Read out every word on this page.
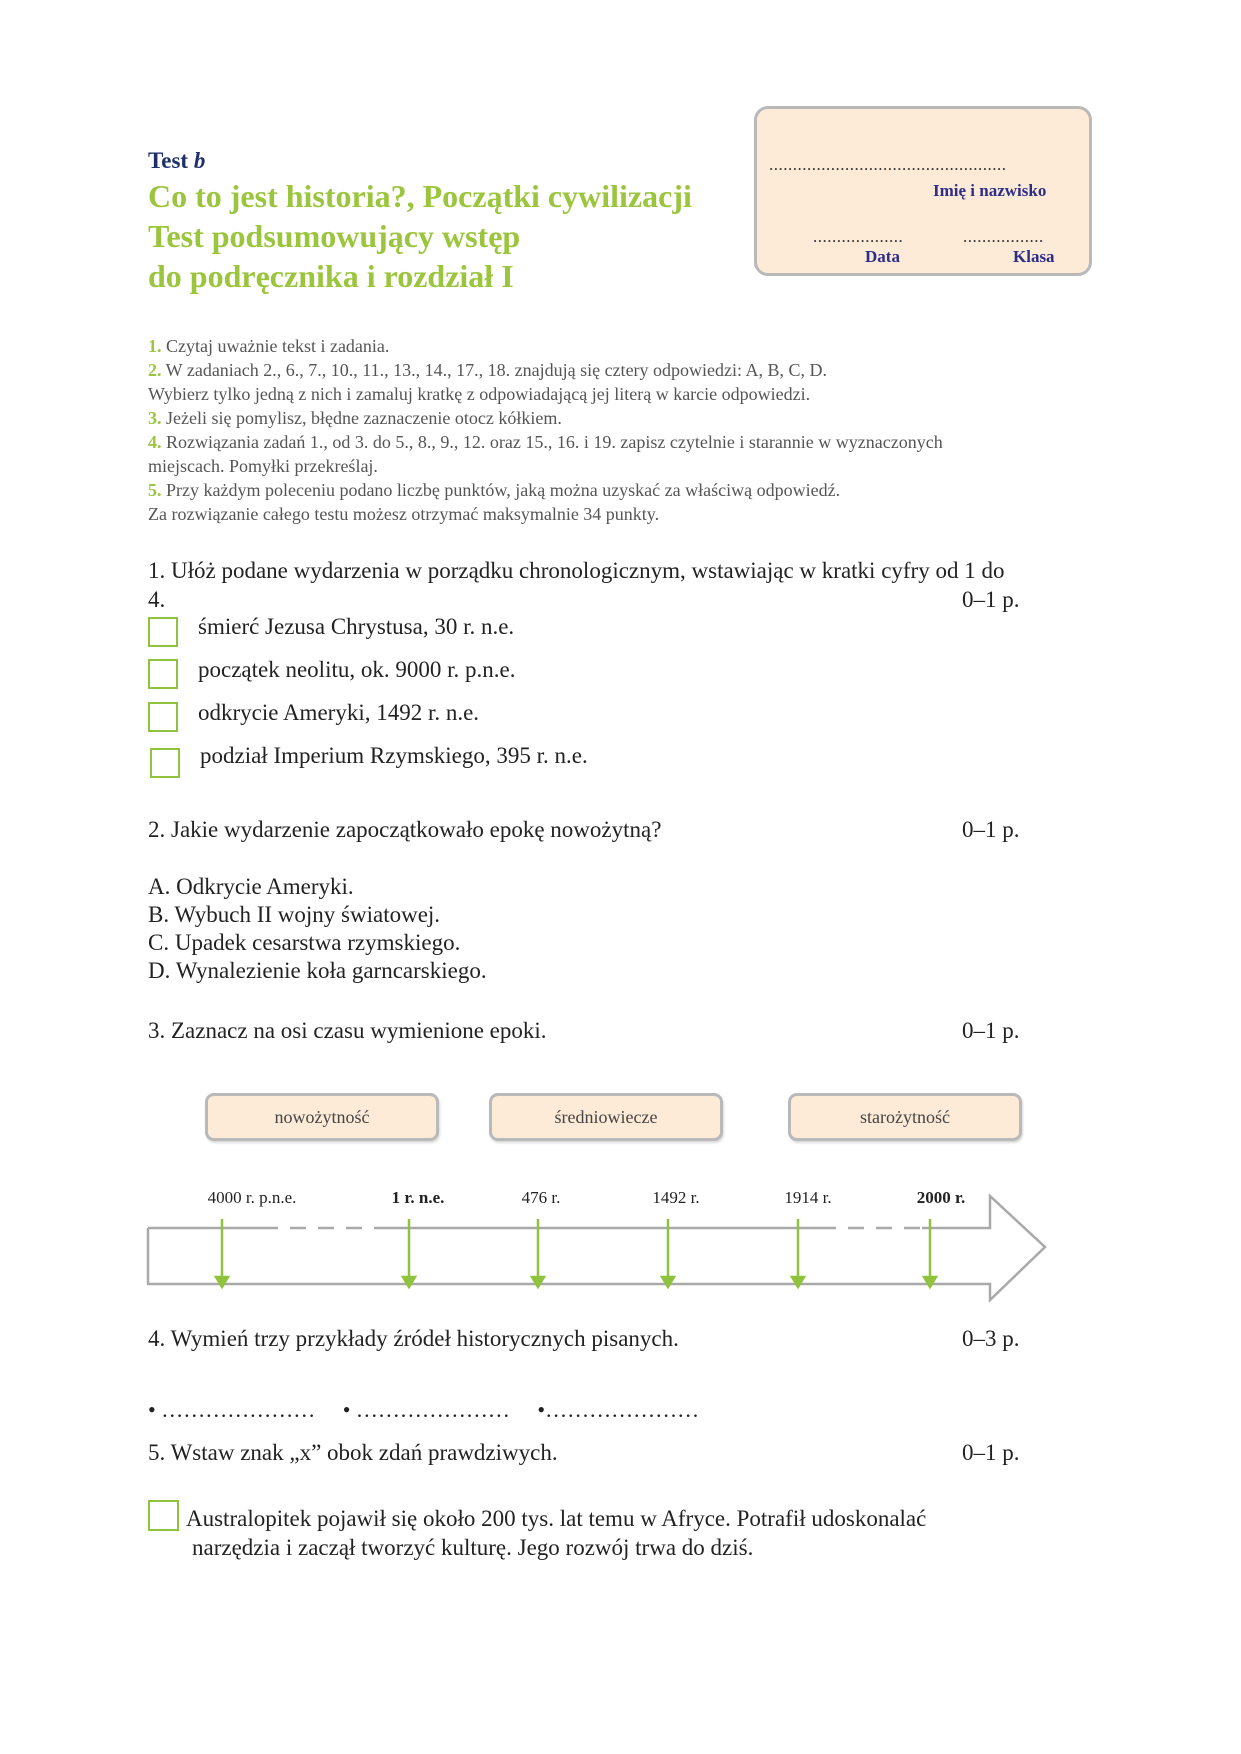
Test b
Co to jest historia?, Początki cywilizacji
Test podsumowujący wstęp
do podręcznika i rozdział I
..................................................
Imię i nazwisko
...................	.................
Data	Klasa
1. Czytaj uważnie tekst i zadania.
2. W zadaniach 2., 6., 7., 10., 11., 13., 14., 17., 18. znajdują się cztery odpowiedzi: A, B, C, D.
Wybierz tylko jedną z nich i zamaluj kratkę z odpowiadającą jej literą w karcie odpowiedzi.
3. Jeżeli się pomylisz, błędne zaznaczenie otocz kółkiem.
4. Rozwiązania zadań 1., od 3. do 5., 8., 9., 12. oraz 15., 16. i 19. zapisz czytelnie i starannie w wyznaczonych
miejscach. Pomyłki przekreślaj.
5. Przy każdym poleceniu podano liczbę punktów, jaką można uzyskać za właściwą odpowiedź.
Za rozwiązanie całego testu możesz otrzymać maksymalnie 34 punkty.
1. Ułóż podane wydarzenia w porządku chronologicznym, wstawiając w kratki cyfry od 1 do
4.	0–1 p.
śmierć Jezusa Chrystusa, 30 r. n.e.
początek neolitu, ok. 9000 r. p.n.e.
odkrycie Ameryki, 1492 r. n.e.
podział Imperium Rzymskiego, 395 r. n.e.
2. Jakie wydarzenie zapoczątkowało epokę nowożytną?	0–1 p.
A. Odkrycie Ameryki.
B. Wybuch II wojny światowej.
C. Upadek cesarstwa rzymskiego.
D. Wynalezienie koła garncarskiego.
3. Zaznacz na osi czasu wymienione epoki.	0–1 p.
nowożytność	średniowiecze	starożytność
4000 r. p.n.e.	1 r. n.e.	476 r.	1492 r.	1914 r.	2000 r.
4. Wymień trzy przykłady źródeł historycznych pisanych.	0–3 p.
• …………………     • …………………     •…………………
5. Wstaw znak „x” obok zdań prawdziwych.	0–1 p.
Australopitek pojawił się około 200 tys. lat temu w Afryce. Potrafił udoskonalać
narzędzia i zaczął tworzyć kulturę. Jego rozwój trwa do dziś.
